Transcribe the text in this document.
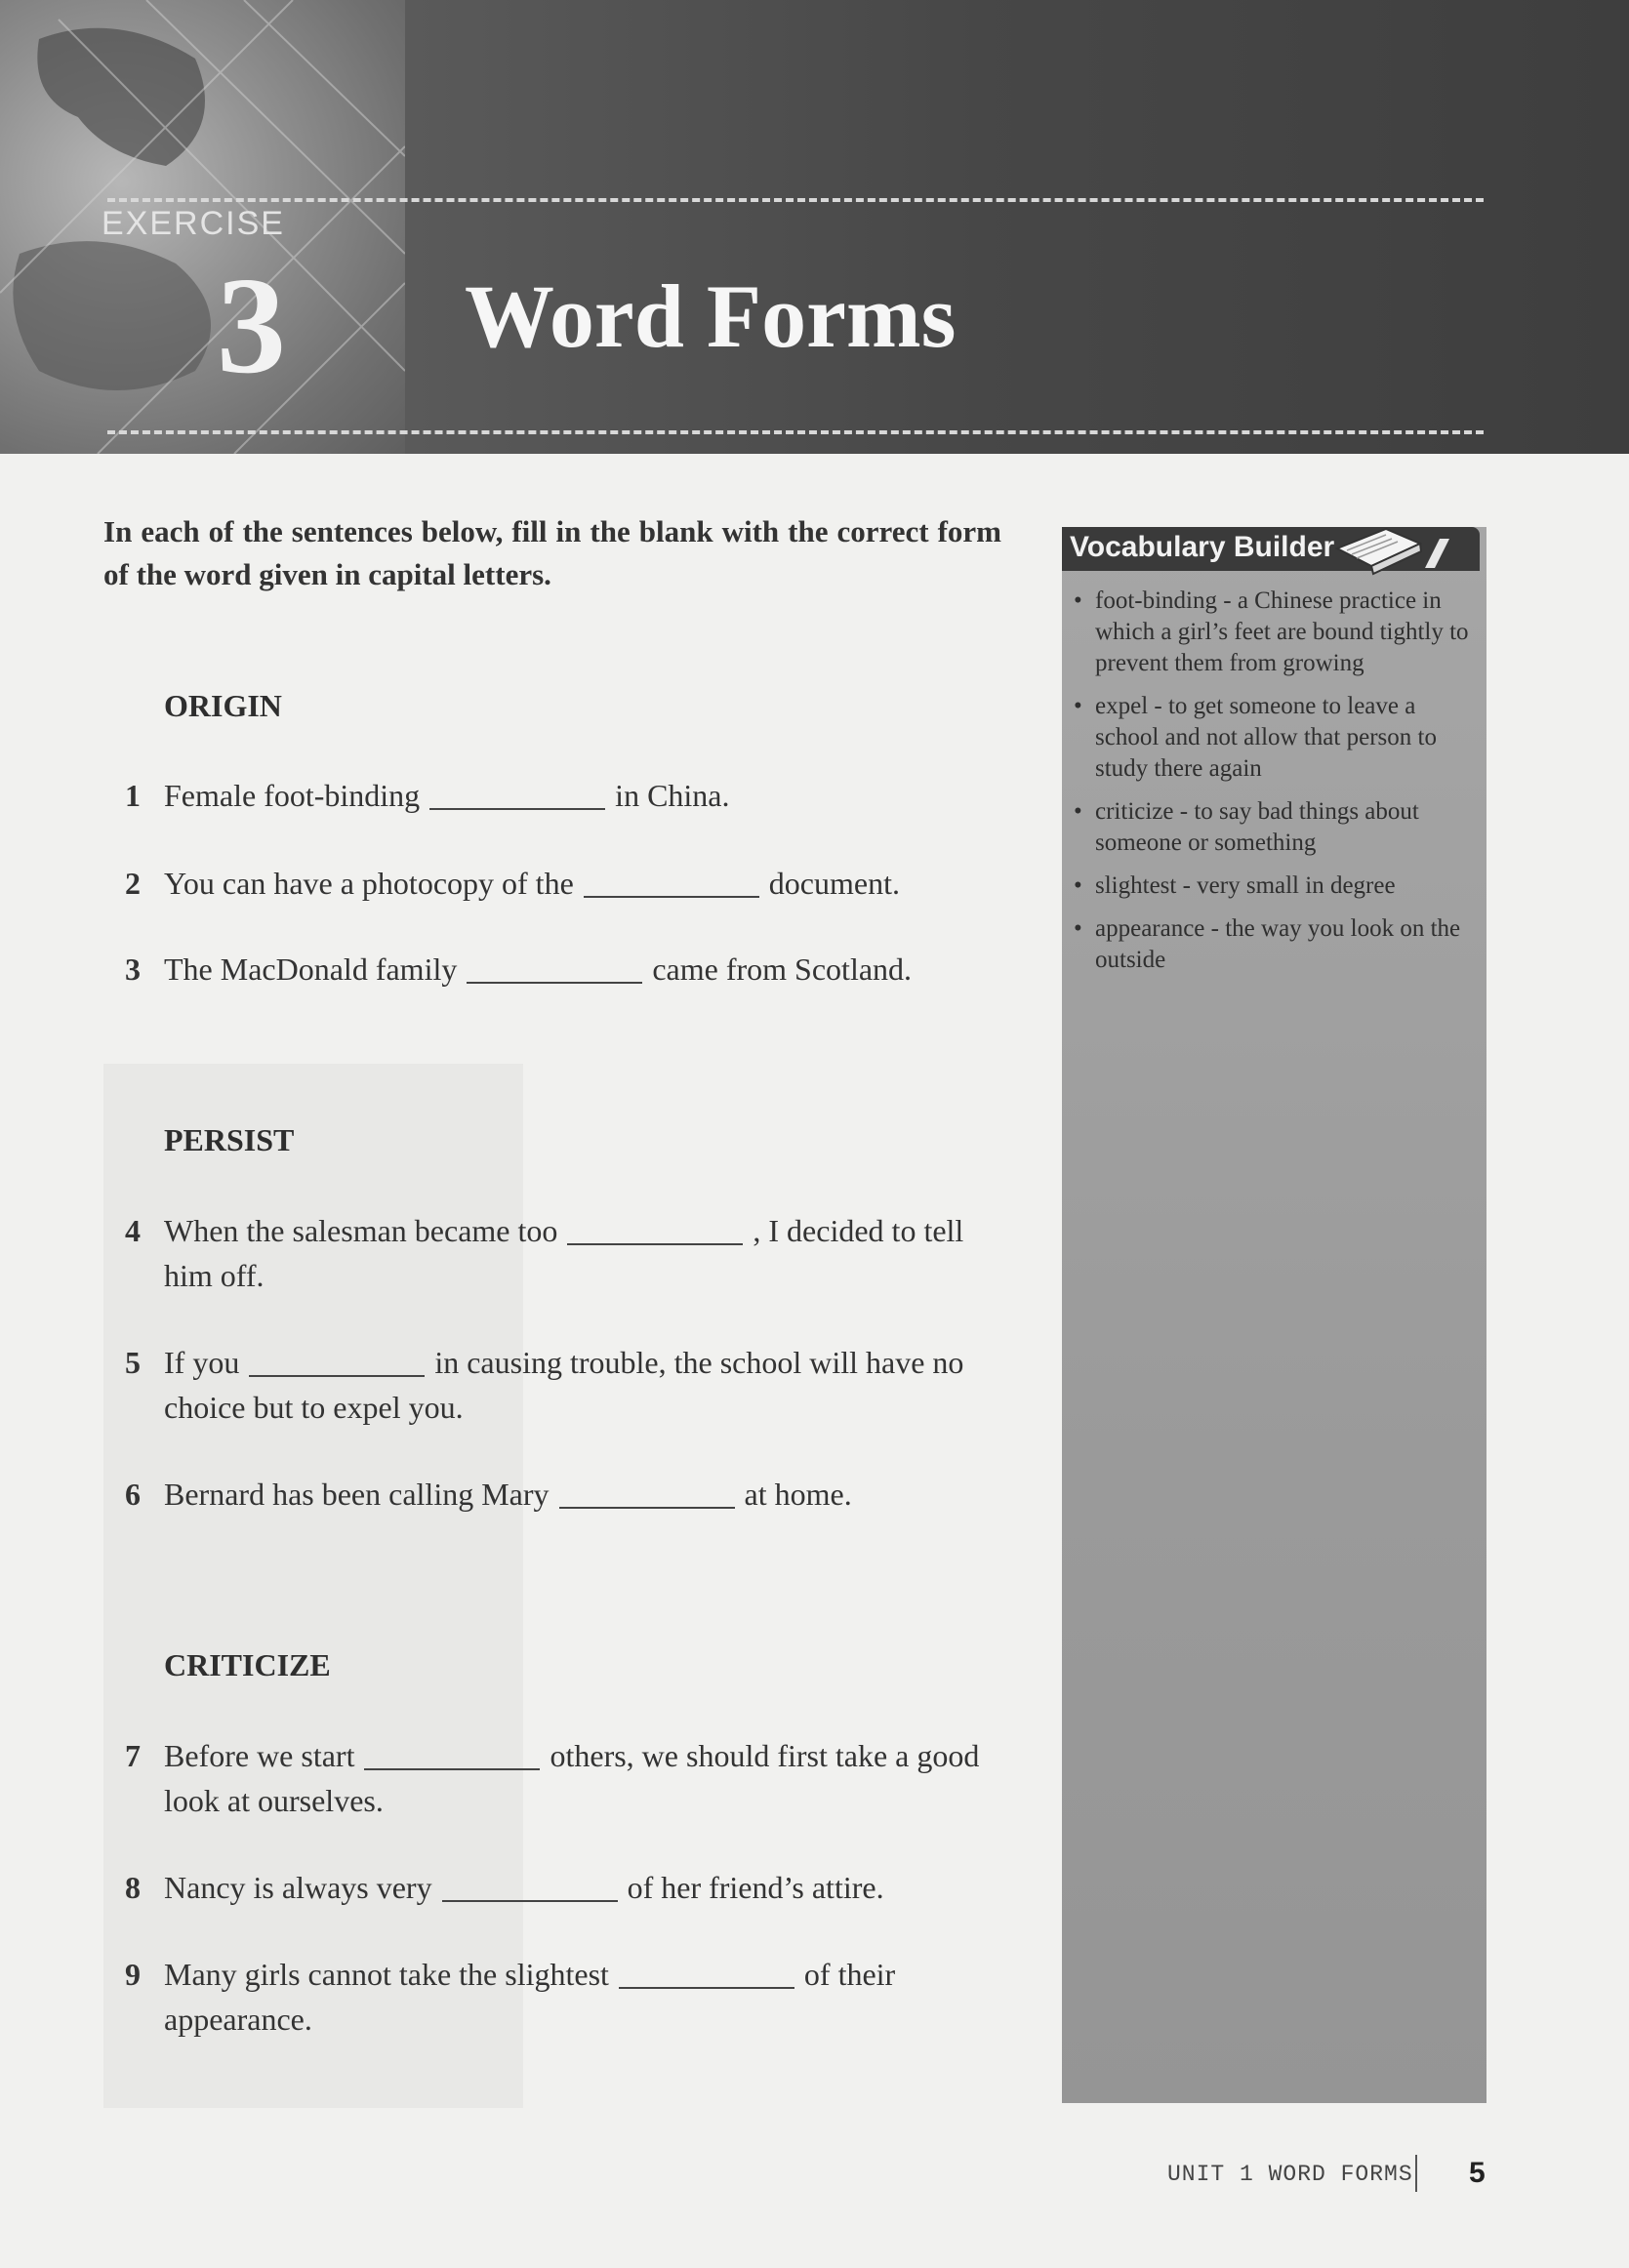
EXERCISE
3 Word Forms
In each of the sentences below, fill in the blank with the correct form of the word given in capital letters.
ORIGIN
1 Female foot-binding	in China.
2 You can have a photocopy of the	document.
3 The MacDonald family	came from Scotland.
PERSIST
4 When the salesman became too	, I decided to tell him off.
5 If you	in causing trouble, the school will have no choice but to expel you.
6 Bernard has been calling Mary	at home.
CRITICIZE
7 Before we start	others, we should first take a good look at ourselves.
8 Nancy is always very	of her friend’s attire.
9 Many girls cannot take the slightest	of their appearance.
Vocabulary Builder
• foot-binding - a Chinese practice in which a girl’s feet are bound tightly to prevent them from growing
• expel - to get someone to leave a school and not allow that person to study there again
• criticize - to say bad things about someone or something
• slightest - very small in degree
• appearance - the way you look on the outside
UNIT 1 WORD FORMS 5
